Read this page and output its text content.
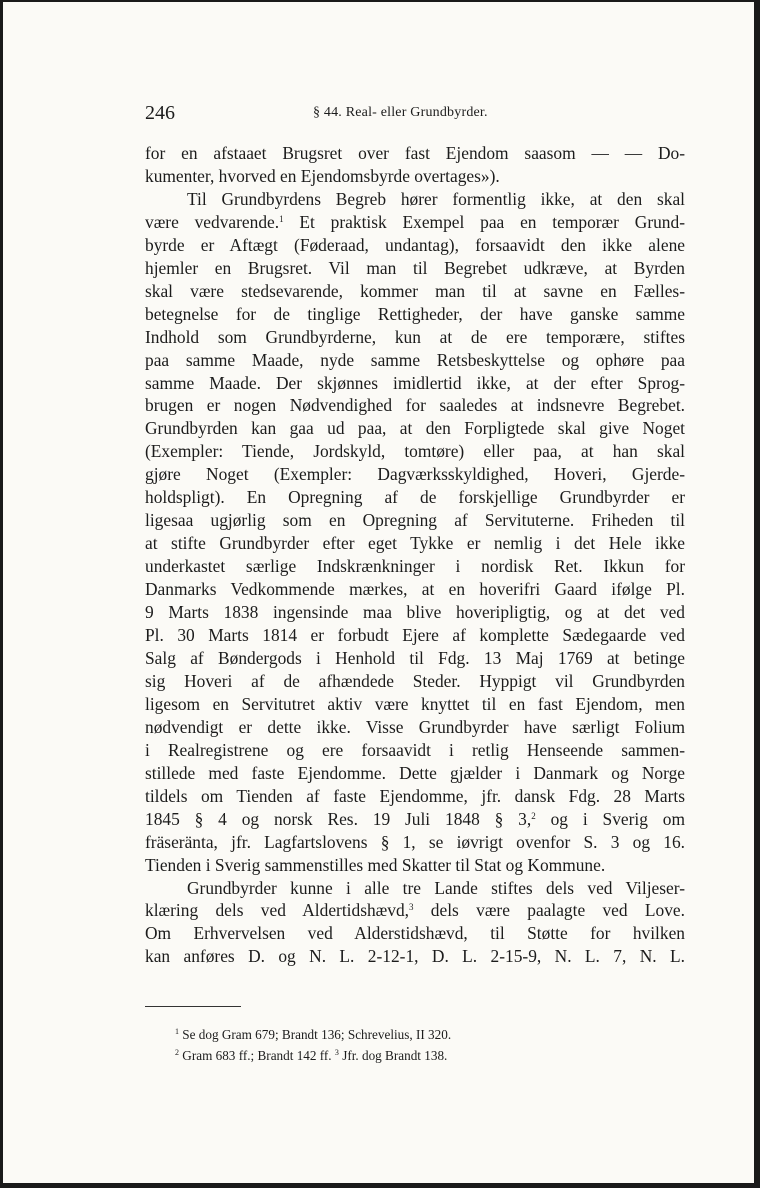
246	§ 44. Real- eller Grundbyrder.
for en afstaaet Brugsret over fast Ejendom saasom — — Do-
kumenter, hvorved en Ejendomsbyrde overtages»).
Til Grundbyrdens Begreb hører formentlig ikke, at den skal
være vedvarende.$^1$ Et praktisk Exempel paa en temporær Grund-
byrde er Aftægt (Føderaad, undantag), forsaavidt den ikke alene
hjemler en Brugsret. Vil man til Begrebet udkræve, at Byrden
skal være stedsevarende, kommer man til at savne en Fælles-
betegnelse for de tinglige Rettigheder, der have ganske samme
Indhold som Grundbyrderne, kun at de ere temporære, stiftes
paa samme Maade, nyde samme Retsbeskyttelse og ophøre paa
samme Maade. Der skjønnes imidlertid ikke, at der efter Sprog-
brugen er nogen Nødvendighed for saaledes at indsnevre Begrebet.
Grundbyrden kan gaa ud paa, at den Forpligtede skal give Noget
(Exempler: Tiende, Jordskyld, tomtøre) eller paa, at han skal
gjøre Noget (Exempler: Dagværksskyldighed, Hoveri, Gjerde-
holdspligt). En Opregning af de forskjellige Grundbyrder er
ligesaa ugjørlig som en Opregning af Servituterne. Friheden til
at stifte Grundbyrder efter eget Tykke er nemlig i det Hele ikke
underkastet særlige Indskrænkninger i nordisk Ret. Ikkun for
Danmarks Vedkommende mærkes, at en hoverifri Gaard ifølge Pl.
9 Marts 1838 ingensinde maa blive hoveripligtig, og at det ved
Pl. 30 Marts 1814 er forbudt Ejere af komplette Sædegaarde ved
Salg af Bøndergods i Henhold til Fdg. 13 Maj 1769 at betinge
sig Hoveri af de afhændede Steder. Hyppigt vil Grundbyrden
ligesom en Servitutret aktiv være knyttet til en fast Ejendom, men
nødvendigt er dette ikke. Visse Grundbyrder have særligt Folium
i Realregistrene og ere forsaavidt i retlig Henseende sammen-
stillede med faste Ejendomme. Dette gjælder i Danmark og Norge
tildels om Tienden af faste Ejendomme, jfr. dansk Fdg. 28 Marts
1845 § 4 og norsk Res. 19 Juli 1848 § 3,$^2$ og i Sverig om
fräseränta, jfr. Lagfartslovens § 1, se iøvrigt ovenfor S. 3 og 16.
Tienden i Sverig sammenstilles med Skatter til Stat og Kommune.
Grundbyrder kunne i alle tre Lande stiftes dels ved Viljeser-
klæring dels ved Aldertidshævd,$^3$ dels være paalagte ved Love.
Om Erhvervelsen ved Alderstidshævd, til Støtte for hvilken
kan anføres D. og N. L. 2-12-1, D. L. 2-15-9, N. L. 7, N. L.
$^1$ Se dog Gram 679; Brandt 136; Schrevelius, II 320.
$^2$ Gram 683 ff.; Brandt 142 ff. $^3$ Jfr. dog Brandt 138.
